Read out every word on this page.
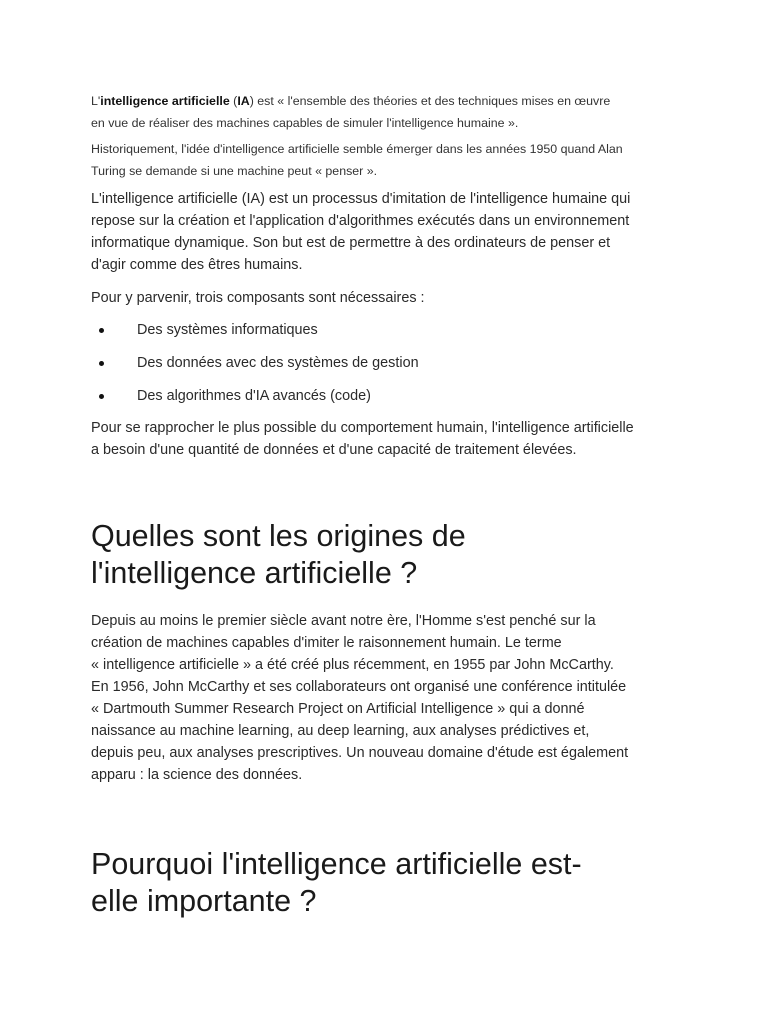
L'intelligence artificielle (IA) est « l'ensemble des théories et des techniques mises en œuvre
en vue de réaliser des machines capables de simuler l'intelligence humaine ».

Historiquement, l'idée d'intelligence artificielle semble émerger dans les années 1950 quand Alan
Turing se demande si une machine peut « penser ».

L'intelligence artificielle (IA) est un processus d'imitation de l'intelligence humaine qui
repose sur la création et l'application d'algorithmes exécutés dans un environnement
informatique dynamique. Son but est de permettre à des ordinateurs de penser et
d'agir comme des êtres humains.

Pour y parvenir, trois composants sont nécessaires :

Des systèmes informatiques
Des données avec des systèmes de gestion
Des algorithmes d'IA avancés (code)

Pour se rapprocher le plus possible du comportement humain, l'intelligence artificielle
a besoin d'une quantité de données et d'une capacité de traitement élevées.

Quelles sont les origines de
l'intelligence artificielle ?

Depuis au moins le premier siècle avant notre ère, l'Homme s'est penché sur la
création de machines capables d'imiter le raisonnement humain. Le terme
« intelligence artificielle » a été créé plus récemment, en 1955 par John McCarthy.
En 1956, John McCarthy et ses collaborateurs ont organisé une conférence intitulée
« Dartmouth Summer Research Project on Artificial Intelligence » qui a donné
naissance au machine learning, au deep learning, aux analyses prédictives et,
depuis peu, aux analyses prescriptives. Un nouveau domaine d'étude est également
apparu : la science des données.

Pourquoi l'intelligence artificielle est-
elle importante ?
